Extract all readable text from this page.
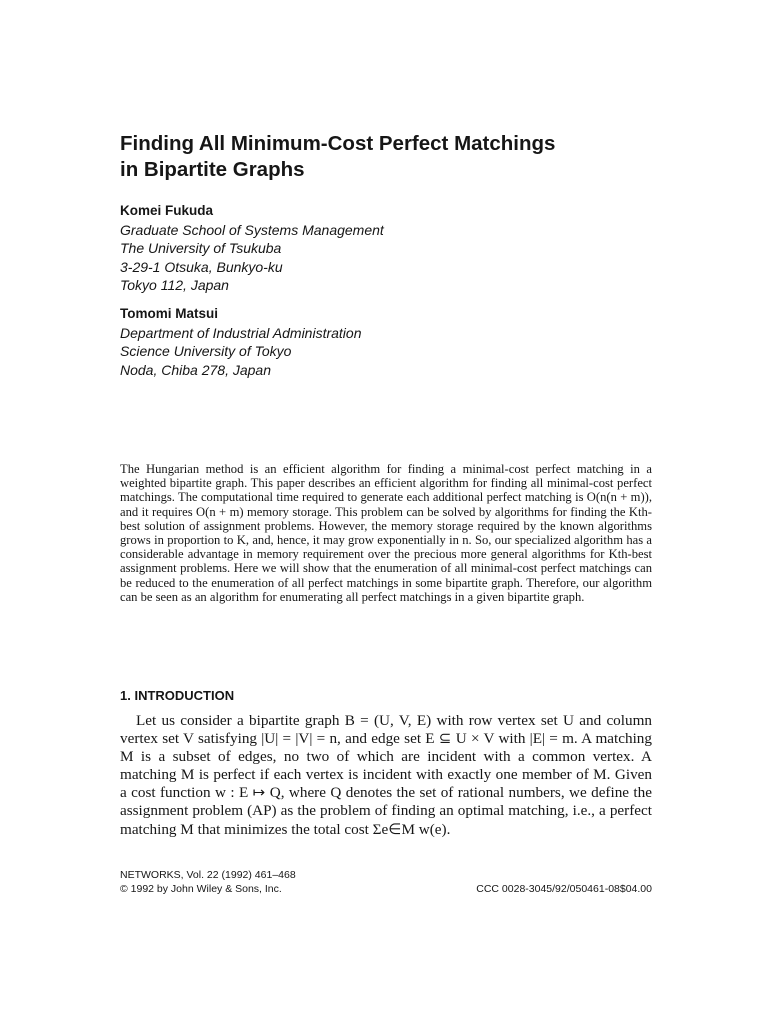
Finding All Minimum-Cost Perfect Matchings
in Bipartite Graphs
Komei Fukuda
Graduate School of Systems Management
The University of Tsukuba
3-29-1 Otsuka, Bunkyo-ku
Tokyo 112, Japan
Tomomi Matsui
Department of Industrial Administration
Science University of Tokyo
Noda, Chiba 278, Japan

The Hungarian method is an efficient algorithm for finding a minimal-cost perfect matching in a weighted bipartite graph. This paper describes an efficient algorithm for finding all minimal-cost perfect matchings. The computational time required to generate each additional perfect matching is O(n(n + m)), and it requires O(n + m) memory storage. This problem can be solved by algorithms for finding the Kth-best solution of assignment problems. However, the memory storage required by the known algorithms grows in proportion to K, and, hence, it may grow exponentially in n. So, our specialized algorithm has a considerable advantage in memory requirement over the precious more general algorithms for Kth-best assignment problems. Here we will show that the enumeration of all minimal-cost perfect matchings can be reduced to the enumeration of all perfect matchings in some bipartite graph. Therefore, our algorithm can be seen as an algorithm for enumerating all perfect matchings in a given bipartite graph.

1. INTRODUCTION

Let us consider a bipartite graph B = (U, V, E) with row vertex set U and column vertex set V satisfying |U| = |V| = n, and edge set E ⊆ U × V with |E| = m. A matching M is a subset of edges, no two of which are incident with a common vertex. A matching M is perfect if each vertex is incident with exactly one member of M. Given a cost function w : E ↦ Q, where Q denotes the set of rational numbers, we define the assignment problem (AP) as the problem of finding an optimal matching, i.e., a perfect matching M that minimizes the total cost Σe∈M w(e).

NETWORKS, Vol. 22 (1992) 461–468
© 1992 by John Wiley & Sons, Inc.	CCC 0028-3045/92/050461-08$04.00
